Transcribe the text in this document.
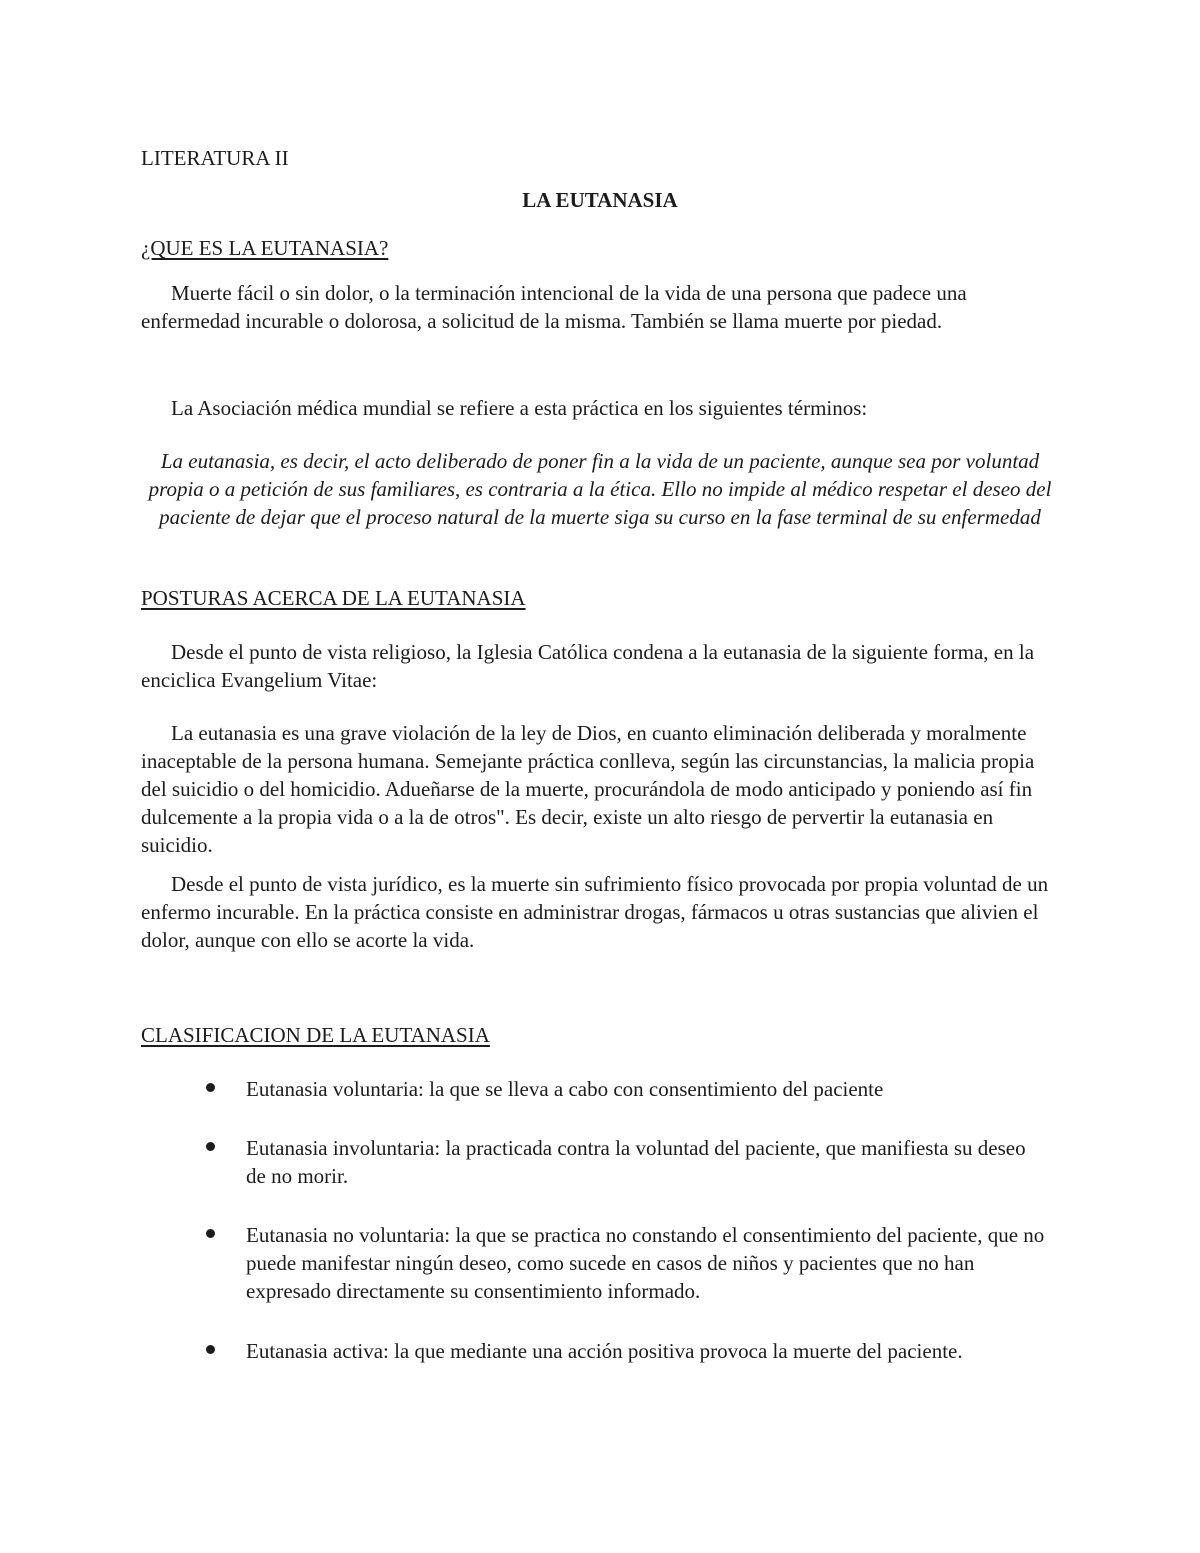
LITERATURA II

LA EUTANASIA

¿QUE ES LA EUTANASIA?

Muerte fácil o sin dolor, o la terminación intencional de la vida de una persona que padece una enfermedad incurable o dolorosa, a solicitud de la misma. También se llama muerte por piedad.

La Asociación médica mundial se refiere a esta práctica en los siguientes términos:

La eutanasia, es decir, el acto deliberado de poner fin a la vida de un paciente, aunque sea por voluntad propia o a petición de sus familiares, es contraria a la ética. Ello no impide al médico respetar el deseo del paciente de dejar que el proceso natural de la muerte siga su curso en la fase terminal de su enfermedad

POSTURAS ACERCA DE LA EUTANASIA

Desde el punto de vista religioso, la Iglesia Católica condena a la eutanasia de la siguiente forma, en la enciclica Evangelium Vitae:

La eutanasia es una grave violación de la ley de Dios, en cuanto eliminación deliberada y moralmente inaceptable de la persona humana. Semejante práctica conlleva, según las circunstancias, la malicia propia del suicidio o del homicidio. Adueñarse de la muerte, procurándola de modo anticipado y poniendo así fin dulcemente a la propia vida o a la de otros". Es decir, existe un alto riesgo de pervertir la eutanasia en suicidio.

Desde el punto de vista jurídico, es la muerte sin sufrimiento físico provocada por propia voluntad de un enfermo incurable. En la práctica consiste en administrar drogas, fármacos u otras sustancias que alivien el dolor, aunque con ello se acorte la vida.

CLASIFICACION DE LA EUTANASIA

Eutanasia voluntaria: la que se lleva a cabo con consentimiento del paciente
Eutanasia involuntaria: la practicada contra la voluntad del paciente, que manifiesta su deseo de no morir.
Eutanasia no voluntaria: la que se practica no constando el consentimiento del paciente, que no puede manifestar ningún deseo, como sucede en casos de niños y pacientes que no han expresado directamente su consentimiento informado.
Eutanasia activa: la que mediante una acción positiva provoca la muerte del paciente.
